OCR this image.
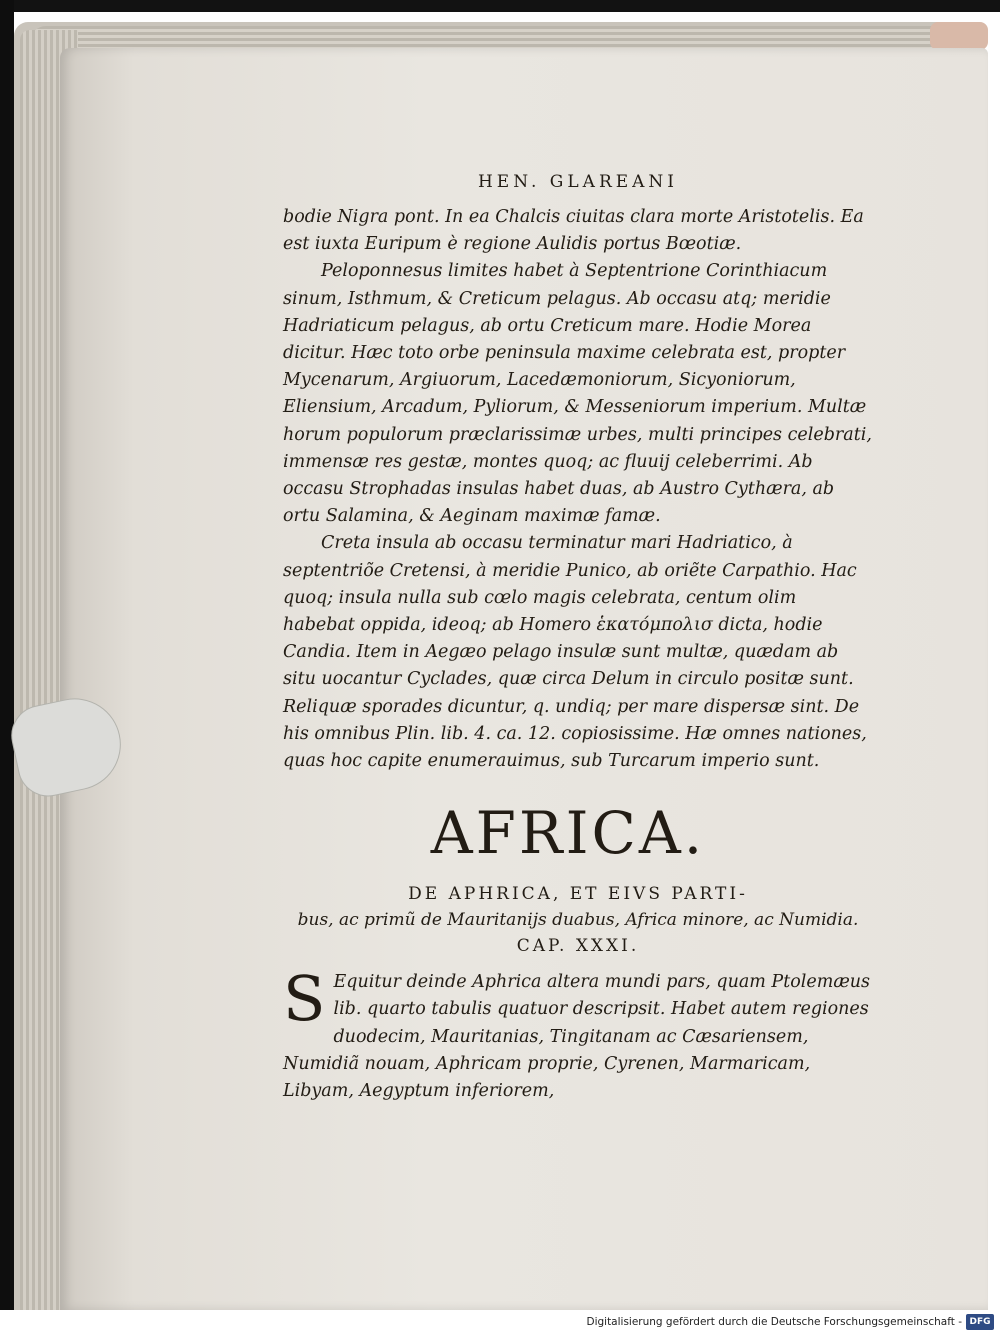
HEN. GLAREANI

bodie Nigra pont. In ea Chalcis ciuitas clara morte Aristotelis. Ea est iuxta Euripum è regione Aulidis portus Bœotiæ.

Peloponnesus limites habet à Septentrione Corinthiacum sinum, Isthmum, & Creticum pelagus. Ab occasu atq; meridie Hadriaticum pelagus, ab ortu Creticum mare. Hodie Morea dicitur. Hæc toto orbe peninsula maxime celebrata est, propter Mycenarum, Argiuorum, Lacedæmoniorum, Sicyoniorum, Eliensium, Arcadum, Pyliorum, & Messeniorum imperium. Multæ horum populorum præclarissimæ urbes, multi principes celebrati, immensæ res gestæ, montes quoq; ac fluuij celeberrimi. Ab occasu Strophadas insulas habet duas, ab Austro Cythæra, ab ortu Salamina, & Aeginam maximæ famæ.

Creta insula ab occasu terminatur mari Hadriatico, à septentriõe Cretensi, à meridie Punico, ab oriẽte Carpathio. Hac quoq; insula nulla sub cœlo magis celebrata, centum olim habebat oppida, ideoq; ab Homero ἑκατόμπολισ dicta, hodie Candia. Item in Aegæo pelago insulæ sunt multæ, quædam ab situ uocantur Cyclades, quæ circa Delum in circulo positæ sunt. Reliquæ sporades dicuntur, q. undiq; per mare dispersæ sint. De his omnibus Plin. lib. 4. ca. 12. copiosissime. Hæ omnes nationes, quas hoc capite enumerauimus, sub Turcarum imperio sunt.

AFRICA.
DE APHRICA, ET EIVS PARTI-
bus, ac primũ de Mauritanijs duabus, Africa minore, ac Numidia.
CAP. XXXI.
S Equitur deinde Aphrica altera mundi pars, quam Ptolemæus lib. quarto tabulis quatuor descripsit. Habet autem regiones duodecim, Mauritanias, Tingitanam ac Cæsariensem, Numidiã nouam, Aphricam proprie, Cyrenen, Marmaricam, Libyam, Aegyptum inferiorem,

Digitalisierung gefördert durch die Deutsche Forschungsgemeinschaft - DFG
